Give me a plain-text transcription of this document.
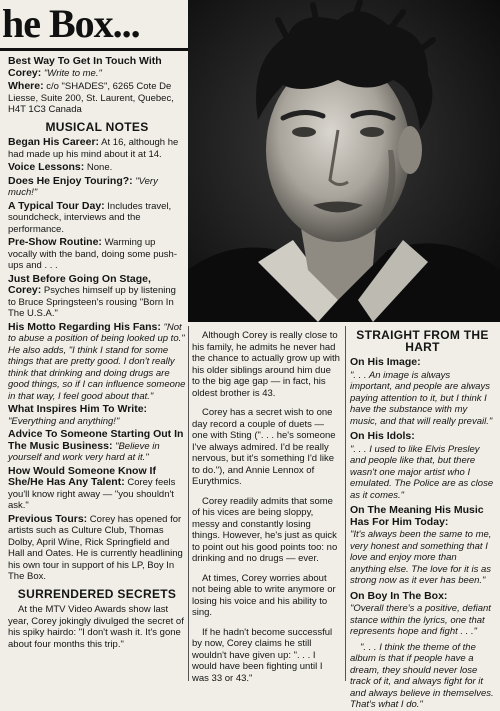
he Box...
Best Way To Get In Touch With Corey: "Write to me."
Where: c/o "SHADES", 6265 Cote De Liesse, Suite 200, St. Laurent, Quebec, H4T 1C3 Canada
MUSICAL NOTES
Began His Career: At 16, although he had made up his mind about it at 14.
Voice Lessons: None.
Does He Enjoy Touring?: "Very much!"
A Typical Tour Day: Includes travel, soundcheck, interviews and the performance.
Pre-Show Routine: Warming up vocally with the band, doing some push-ups and . . .
Just Before Going On Stage, Corey: Psyches himself up by listening to Bruce Springsteen's rousing "Born In The U.S.A."
His Motto Regarding His Fans: "Not to abuse a position of being looked up to." He also adds, "I think I stand for some things that are pretty good. I don't really think that drinking and doing drugs are good things, so if I can influence someone in that way, I feel good about that."
What Inspires Him To Write: "Everything and anything!"
Advice To Someone Starting Out In The Music Business: "Believe in yourself and work very hard at it."
How Would Someone Know If She/He Has Any Talent: Corey feels you'll know right away — "you shouldn't ask."
Previous Tours: Corey has opened for artists such as Culture Club, Thomas Dolby, April Wine, Rick Springfield and Hall and Oates. He is currently headlining his own tour in support of his LP, Boy In The Box.
SURRENDERED SECRETS
At the MTV Video Awards show last year, Corey jokingly divulged the secret of his spiky hairdo: "I don't wash it. It's gone about four months this trip."
Although Corey is really close to his family, he admits he never had the chance to actually grow up with his older siblings around him due to the big age gap — in fact, his oldest brother is 43.
Corey has a secret wish to one day record a couple of duets — one with Sting (". . . he's someone I've always admired. I'd be really nervous, but it's something I'd like to do."), and Annie Lennox of Eurythmics.
Corey readily admits that some of his vices are being sloppy, messy and constantly losing things. However, he's just as quick to point out his good points too: no drinking and no drugs — ever.
At times, Corey worries about not being able to write anymore or losing his voice and his ability to sing.
If he hadn't become successful by now, Corey claims he still wouldn't have given up: ". . . I would have been fighting until I was 33 or 43."
STRAIGHT FROM THE HART
On His Image:
". . . An image is always important, and people are always paying attention to it, but I think I have the substance with my music, and that will really prevail."
On His Idols:
". . . I used to like Elvis Presley and people like that, but there wasn't one major artist who I emulated. The Police are as close as it comes."
On The Meaning His Music Has For Him Today:
"It's always been the same to me, very honest and something that I love and enjoy more than anything else. The love for it is as strong now as it ever has been."
On Boy In The Box:
"Overall there's a positive, defiant stance within the lyrics, one that represents hope and fight . . ."
". . . I think the theme of the album is that if people have a dream, they should never lose track of it, and always fight for it and always believe in themselves. That's what I do."
